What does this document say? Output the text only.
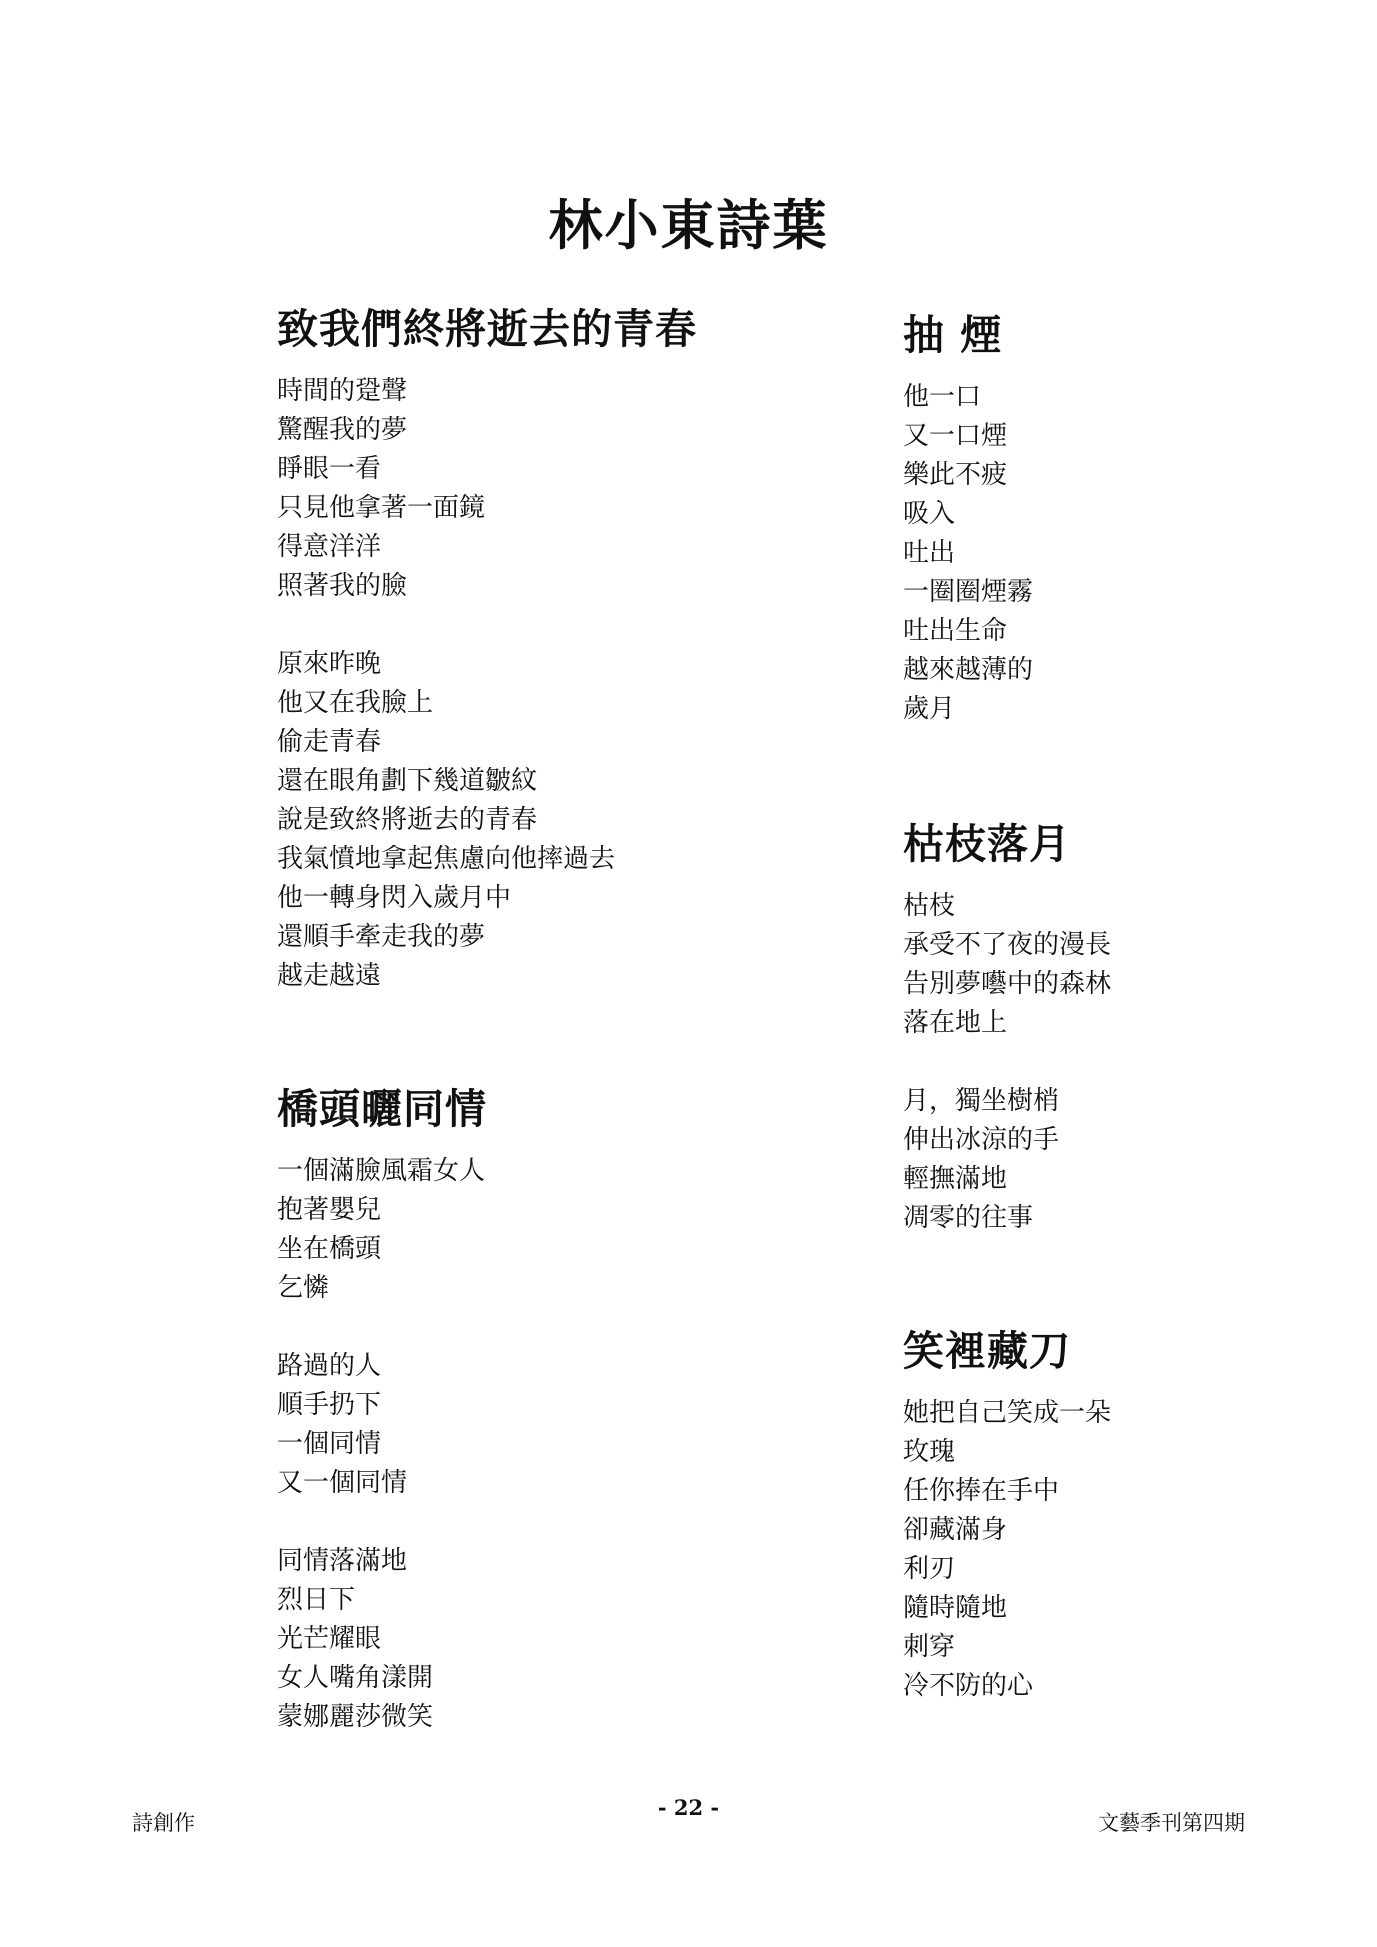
林小東詩葉
致我們終將逝去的青春
時間的跫聲
驚醒我的夢
睜眼一看
只見他拿著一面鏡
得意洋洋
照著我的臉
原來昨晚
他又在我臉上
偷走青春
還在眼角劃下幾道皺紋
說是致終將逝去的青春
我氣憤地拿起焦慮向他摔過去
他一轉身閃入歲月中
還順手牽走我的夢
越走越遠
橋頭曬同情
一個滿臉風霜女人
抱著嬰兒
坐在橋頭
乞憐
路過的人
順手扔下
一個同情
又一個同情
同情落滿地
烈日下
光芒耀眼
女人嘴角漾開
蒙娜麗莎微笑
抽 煙
他一口
又一口煙
樂此不疲
吸入
吐出
一圈圈煙霧
吐出生命
越來越薄的
歲月
枯枝落月
枯枝
承受不了夜的漫長
告別夢囈中的森林
落在地上
月，獨坐樹梢
伸出冰涼的手
輕撫滿地
凋零的往事
笑裡藏刀
她把自己笑成一朵
玫瑰
任你捧在手中
卻藏滿身
利刃
隨時隨地
刺穿
冷不防的心
詩創作
- 22 -
文藝季刊第四期
